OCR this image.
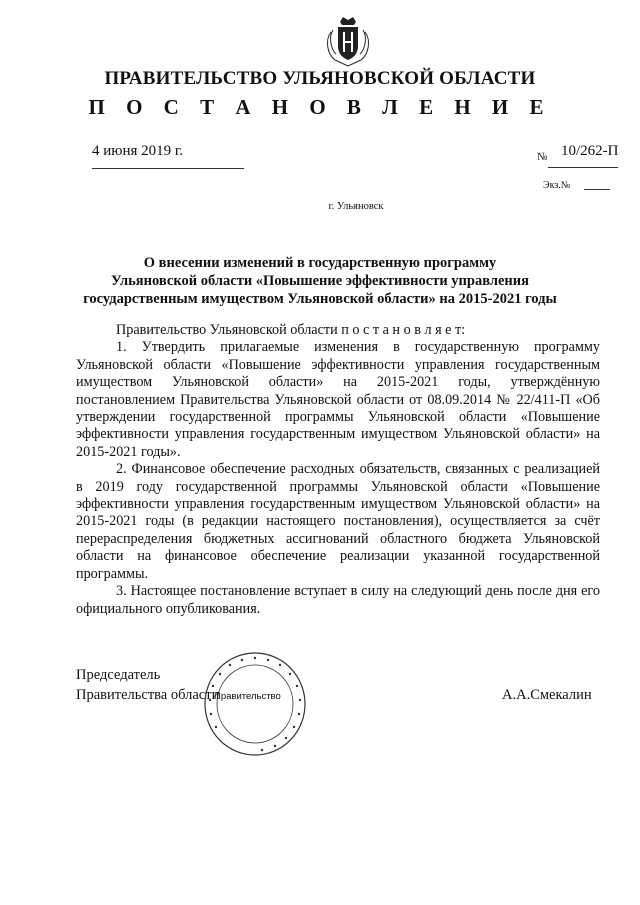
ПРАВИТЕЛЬСТВО УЛЬЯНОВСКОЙ ОБЛАСТИ
П О С Т А Н О В Л Е Н И Е
4 июня 2019 г.	№ 10/262-П
Экз.№
г. Ульяновск
О внесении изменений в государственную программу
Ульяновской области «Повышение эффективности управления
государственным имуществом Ульяновской области» на 2015-2021 годы

Правительство Ульяновской области п о с т а н о в л я е т:

1. Утвердить прилагаемые изменения в государственную программу Ульяновской области «Повышение эффективности управления государственным имуществом Ульяновской области» на 2015-2021 годы, утверждённую постановлением Правительства Ульяновской области от 08.09.2014 № 22/411-П «Об утверждении государственной программы Ульяновской области «Повышение эффективности управления государственным имуществом Ульяновской области» на 2015-2021 годы».

2. Финансовое обеспечение расходных обязательств, связанных с реализацией в 2019 году государственной программы Ульяновской области «Повышение эффективности управления государственным имуществом Ульяновской области» на 2015-2021 годы (в редакции настоящего постановления), осуществляется за счёт перераспределения бюджетных ассигнований областного бюджета Ульяновской области на финансовое обеспечение реализации указанной государственной программы.

3. Настоящее постановление вступает в силу на следующий день после дня его официального опубликования.

Правительство
Председатель
Правительства области	А.А.Смекалин
